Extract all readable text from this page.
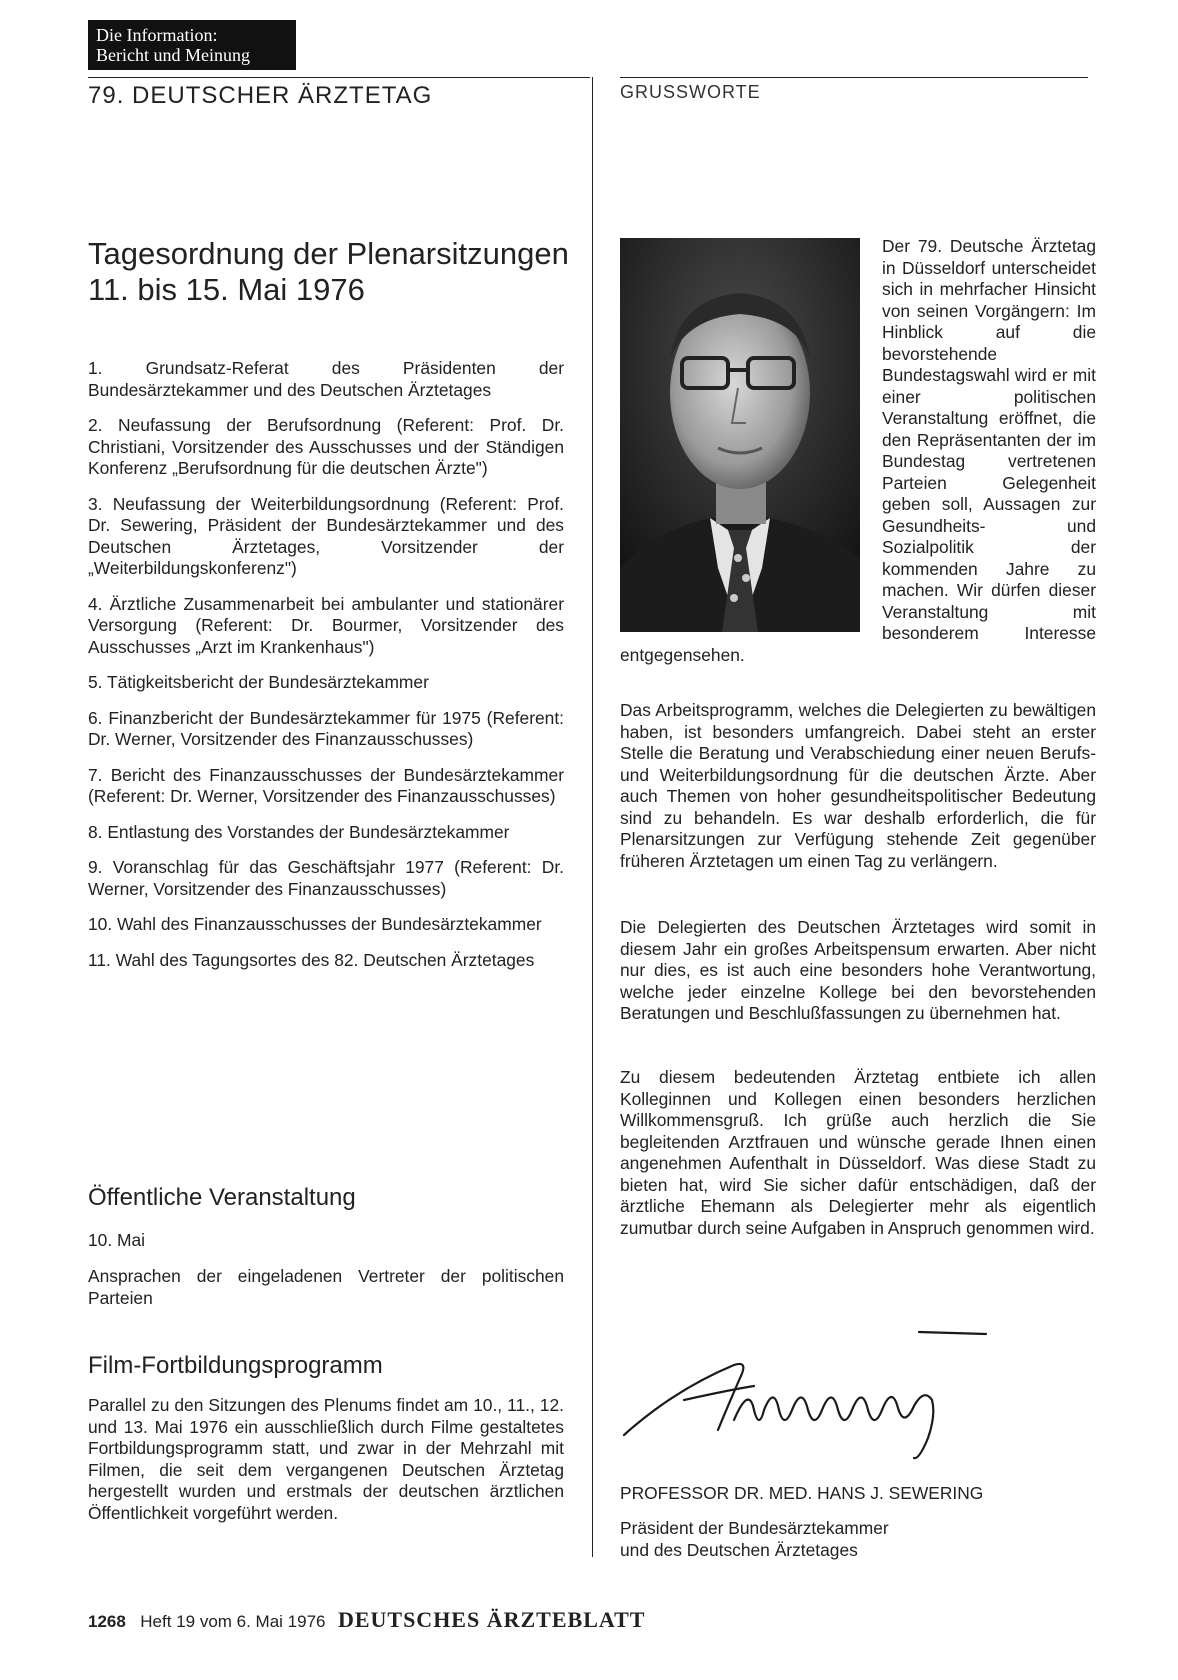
Die Information:
Bericht und Meinung
79. DEUTSCHER ÄRZTETAG	GRUSSWORTE
Tagesordnung der Plenarsitzungen
11. bis 15. Mai 1976

1. Grundsatz-Referat des Präsidenten der Bundesärztekammer und des Deutschen Ärztetages

2. Neufassung der Berufsordnung (Referent: Prof. Dr. Christiani, Vorsitzender des Ausschusses und der Ständigen Konferenz „Berufsordnung für die deutschen Ärzte")

3. Neufassung der Weiterbildungsordnung (Referent: Prof. Dr. Sewering, Präsident der Bundesärztekammer und des Deutschen Ärztetages, Vorsitzender der „Weiterbildungskonferenz")

4. Ärztliche Zusammenarbeit bei ambulanter und stationärer Versorgung (Referent: Dr. Bourmer, Vorsitzender des Ausschusses „Arzt im Krankenhaus")

5. Tätigkeitsbericht der Bundesärztekammer

6. Finanzbericht der Bundesärztekammer für 1975 (Referent: Dr. Werner, Vorsitzender des Finanzausschusses)

7. Bericht des Finanzausschusses der Bundesärztekammer (Referent: Dr. Werner, Vorsitzender des Finanzausschusses)

8. Entlastung des Vorstandes der Bundesärztekammer

9. Voranschlag für das Geschäftsjahr 1977 (Referent: Dr. Werner, Vorsitzender des Finanzausschusses)

10. Wahl des Finanzausschusses der Bundesärztekammer

11. Wahl des Tagungsortes des 82. Deutschen Ärztetages

Öffentliche Veranstaltung
10. Mai
Ansprachen der eingeladenen Vertreter der politischen Parteien
Film-Fortbildungsprogramm
Parallel zu den Sitzungen des Plenums findet am 10., 11., 12. und 13. Mai 1976 ein ausschließlich durch Filme gestaltetes Fortbildungsprogramm statt, und zwar in der Mehrzahl mit Filmen, die seit dem vergangenen Deutschen Ärztetag hergestellt wurden und erstmals der deutschen ärztlichen Öffentlichkeit vorgeführt werden.
Der 79. Deutsche Ärztetag in Düsseldorf unterscheidet sich in mehrfacher Hinsicht von seinen Vorgängern: Im Hinblick auf die bevorstehende Bundestagswahl wird er mit einer politischen Veranstaltung eröffnet, die den Repräsentanten der im Bundestag vertretenen Parteien Gelegenheit geben soll, Aussagen zur Gesundheits- und Sozialpolitik der kommenden Jahre zu machen. Wir dürfen dieser Veranstaltung mit besonderem Interesse entgegensehen.
Das Arbeitsprogramm, welches die Delegierten zu bewältigen haben, ist besonders umfangreich. Dabei steht an erster Stelle die Beratung und Verabschiedung einer neuen Berufs- und Weiterbildungsordnung für die deutschen Ärzte. Aber auch Themen von hoher gesundheitspolitischer Bedeutung sind zu behandeln. Es war deshalb erforderlich, die für Plenarsitzungen zur Verfügung stehende Zeit gegenüber früheren Ärztetagen um einen Tag zu verlängern.
Die Delegierten des Deutschen Ärztetages wird somit in diesem Jahr ein großes Arbeitspensum erwarten. Aber nicht nur dies, es ist auch eine besonders hohe Verantwortung, welche jeder einzelne Kollege bei den bevorstehenden Beratungen und Beschlußfassungen zu übernehmen hat.
Zu diesem bedeutenden Ärztetag entbiete ich allen Kolleginnen und Kollegen einen besonders herzlichen Willkommensgruß. Ich grüße auch herzlich die Sie begleitenden Arztfrauen und wünsche gerade Ihnen einen angenehmen Aufenthalt in Düsseldorf. Was diese Stadt zu bieten hat, wird Sie sicher dafür entschädigen, daß der ärztliche Ehemann als Delegierter mehr als eigentlich zumutbar durch seine Aufgaben in Anspruch genommen wird.
PROFESSOR DR. MED. HANS J. SEWERING
Präsident der Bundesärztekammer
und des Deutschen Ärztetages
1268 Heft 19 vom 6. Mai 1976 DEUTSCHES ÄRZTEBLATT
